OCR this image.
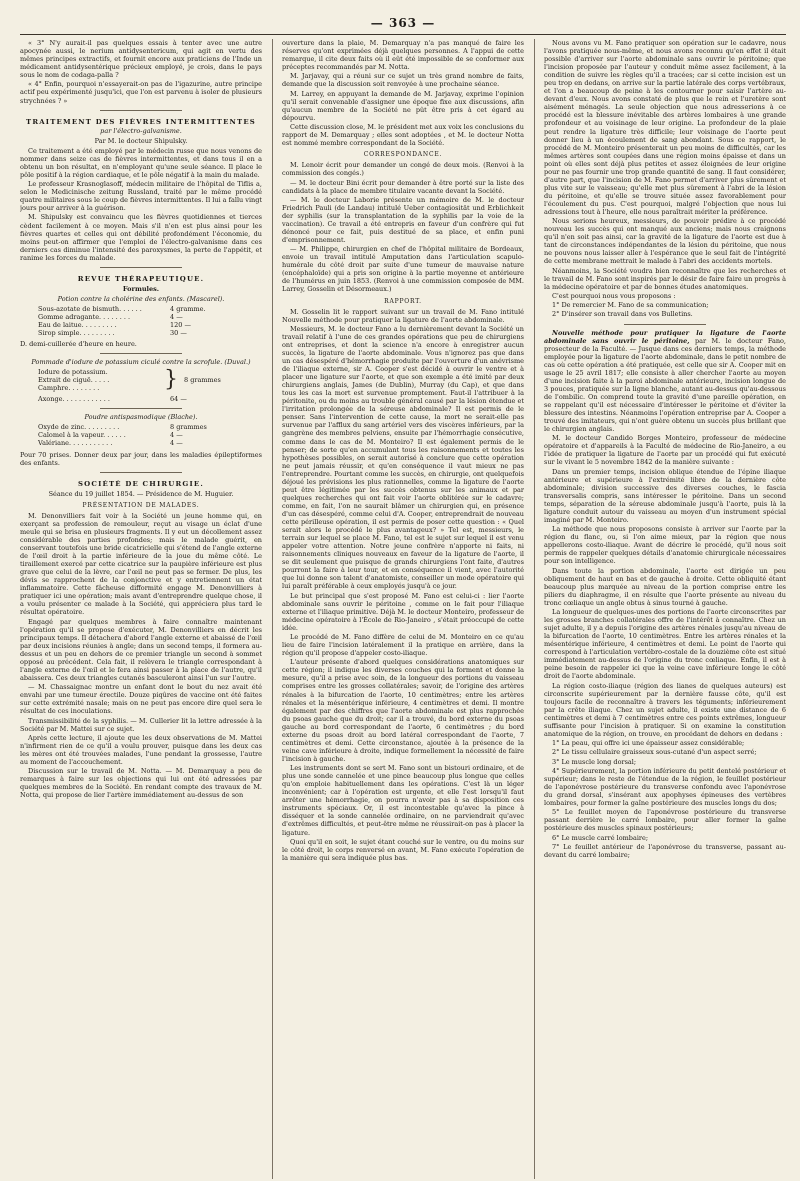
— 363 —

« 3° N'y aurait-il pas quelques essais à tenter avec une autre apocynée aussi, le nerium antidysentericum, qui agit en vertu des mêmes principes extractifs, et fournit encore aux praticiens de l'Inde un médicament antidysentérique précieux employé, je crois, dans le pays sous le nom de codaga-palla ?

« 4° Enfin, pourquoi n'essayerait-on pas de l'igazurine, autre principe actif peu expérimenté jusqu'ici, que l'on est parvenu à isoler de plusieurs strychnées ? »

TRAITEMENT DES FIÈVRES INTERMITTENTES

par l'électro-galvanisme.

Par M. le docteur Shipulsky.

Ce traitement a été employé par le médecin russe que nous venons de nommer dans seize cas de fièvres intermittentes, et dans tous il en a obtenu un bon résultat, en n'employant qu'une seule séance. Il place le pôle positif à la région cardiaque, et le pôle négatif à la main du malade.

Le professeur Krasnoglasoff, médecin militaire de l'hôpital de Tiflis a, selon le Medicinische zeitung Russland, traité par le même procédé quatre militaires sous le coup de fièvres intermittentes. Il lui a fallu vingt jours pour arriver à la guérison.

M. Shipulsky est convaincu que les fièvres quotidiennes et tierces cèdent facilement à ce moyen. Mais s'il n'en est plus ainsi pour les fièvres quartes et celles qui ont débilité profondément l'économie, du moins peut-on affirmer que l'emploi de l'électro-galvanisme dans ces derniers cas diminue l'intensité des paroxysmes, la perte de l'appétit, et ranime les forces du malade.

REVUE THÉRAPEUTIQUE.

Formules.

Potion contre la cholérine des enfants. (Mascarel).

Sous-azotate de bismuth. . . . . .	4 gramme.
Gomme adragante. . . . . . . .	4 —
Eau de laitue. . . . . . . . .	120 —
Sirop simple. . . . . . . . .	30 —

D. demi-cuillerée d'heure en heure.

Pommade d'iodure de potassium ciculé contre la scrofule. (Duval.)

Iodure de potassium.
Extrait de ciguë. . . . .
Camphre. . . . . . . .	} 8 grammes
Axonge. . . . . . . . . . . .	64 —

Poudre antispasmodique (Blache).

Oxyde de zinc. . . . . . . . .	8 grammes
Calomel à la vapeur. . . . . .	4 —
Valériane. . . . . . . . . . .	4 —

Pour 70 prises. Donner deux par jour, dans les maladies épileptiformes des enfants.

SOCIÉTÉ DE CHIRURGIE.

Séance du 19 juillet 1854. — Présidence de M. Huguier.

PRÉSENTATION DE MALADES.

M. Denonvilliers fait voir à la Société un jeune homme qui, en exerçant sa profession de remouleur, reçut au visage un éclat d'une meule qui se brisa en plusieurs fragments. Il y eut un décollement assez considérable des parties profondes; mais le malade guérit, en conservant toutefois une bride cicatricielle qui s'étend de l'angle externe de l'œil droit à la partie inférieure de la joue du même côté. Le tiraillement exercé par cette cicatrice sur la paupière inférieure est plus grave que celui de la lèvre, car l'œil ne peut pas se fermer. De plus, les dévis se rapprochent de la conjonctive et y entretiennent un état inflammatoire. Cette fâcheuse difformité engage M. Denonvilliers à pratiquer ici une opération; mais avant d'entreprendre quelque chose, il a voulu présenter ce malade à la Société, qui appréciera plus tard le résultat opératoire.

Engagé par quelques membres à faire connaître maintenant l'opération qu'il se propose d'exécuter, M. Denonvilliers en décrit les principaux temps. Il détachera d'abord l'angle externe et abaissé de l'œil par deux incisions réunies à angle; dans un second temps, il formera au-dessus et un peu en dehors de ce premier triangle un second à sommet opposé au précédent. Cela fait, il relèvera le triangle correspondant à l'angle externe de l'œil et le fera ainsi passer à la place de l'autre, qu'il abaissera. Ces deux triangles cutanés basculeront ainsi l'un sur l'autre.

— M. Chassaignac montre un enfant dont le bout du nez avait été envahi par une tumeur érectile. Douze piqûres de vaccine ont été faites sur cette extrémité nasale; mais on ne peut pas encore dire quel sera le résultat de ces inoculations.

Transmissibilité de la syphilis. — M. Cullerier lit la lettre adressée à la Société par M. Mattei sur ce sujet.

Après cette lecture, il ajoute que les deux observations de M. Mattei n'infirment rien de ce qu'il a voulu prouver, puisque dans les deux cas les mères ont été trouvées malades, l'une pendant la grossesse, l'autre au moment de l'accouchement.

Discussion sur le travail de M. Notta. — M. Demarquay a peu de remarques à faire sur les objections qui lui ont été adressées par quelques membres de la Société. En rendant compte des travaux de M. Notta, qui propose de lier l'artère immédiatement au-dessus de son

ouverture dans la plaie, M. Demarquay n'a pas manqué de faire les réserves qu'ont exprimées déjà quelques personnes. A l'appui de cette remarque, il cite deux faits où il eût été impossible de se conformer aux préceptes recommandés par M. Notta.

M. Jarjavay, qui a réuni sur ce sujet un très grand nombre de faits, demande que la discussion soit renvoyée à une prochaine séance.

M. Larrey, en appuyant la demande de M. Jarjavay, exprime l'opinion qu'il serait convenable d'assigner une époque fixe aux discussions, afin qu'aucun membre de la Société ne pût être pris à cet égard au dépourvu.

Cette discussion close, M. le président met aux voix les conclusions du rapport de M. Demarquay ; elles sont adoptées , et M. le docteur Notta est nommé membre correspondant de la Société.

CORRESPONDANCE.

M. Lenoir écrit pour demander un congé de deux mois. (Renvoi à la commission des congés.)

— M. le docteur Bini écrit pour demander à être porté sur la liste des candidats à la place de membre titulaire vacante devant la Société.

— M. le docteur Laborie présente un mémoire de M. le docteur Friedrich Pauli (de Landau) intitulé Ueber contagiosität und Erblichkeit der syphilis (sur la transplantation de la syphilis par la voie de la vaccination). Ce travail a été entrepris en faveur d'un confrère qui fut dénoncé pour ce fait, puis destitué de sa place, et enfin puni d'emprisonnement.

— M. Philippe, chirurgien en chef de l'hôpital militaire de Bordeaux, envoie un travail intitulé Amputation dans l'articulation scapulo-humérale du côté droit par suite d'une tumeur de mauvaise nature (encéphaloïde) qui a pris son origine à la partie moyenne et antérieure de l'humérus en juin 1853. (Renvoi à une commission composée de MM. Larrey, Gosselin et Désormeaux.)

RAPPORT.

M. Gosselin lit le rapport suivant sur un travail de M. Fano intitulé Nouvelle méthode pour pratiquer la ligature de l'aorte abdominale.

Messieurs, M. le docteur Fano a lu dernièrement devant la Société un travail relatif à l'une de ces grandes opérations que peu de chirurgiens ont entreprises, et dont la science n'a encore à enregistrer aucun succès, la ligature de l'aorte abdominale. Vous n'ignorez pas que dans un cas désespéré d'hémorrhagie produite par l'ouverture d'un anévrisme de l'iliaque externe, sir A. Cooper s'est décidé à ouvrir le ventre et à placer une ligature sur l'aorte, et que son exemple a été imité par deux chirurgiens anglais, James (de Dublin), Murray (du Cap), et que dans tous les cas la mort est survenue promptement. Faut-il l'attribuer à la péritonite, ou du moins au trouble général causé par la lésion étendue et l'irritation prolongée de la séreuse abdominale? Il est permis de le penser. Sans l'intervention de cette cause, la mort ne serait-elle pas survenue par l'afflux du sang artériel vers des viscères inférieurs, par la gangrène des membres pelviens, ensuite par l'hémorrhagie consécutive, comme dans le cas de M. Monteiro? Il est également permis de le penser; de sorte qu'en accumulant tous les raisonnements et toutes les hypothèses possibles, on serait autorisé à conclure que cette opération ne peut jamais réussir, et qu'en conséquence il vaut mieux ne pas l'entreprendre. Pourtant comme les succès, en chirurgie, ont quelquefois déjoué les prévisions les plus rationnelles, comme la ligature de l'aorte peut être légitimée par les succès obtenus sur les animaux et par quelques recherches qui ont fait voir l'aorte oblitérée sur le cadavre; comme, en fait, l'on ne saurait blâmer un chirurgien qui, en présence d'un cas désespéré, comme celui d'A. Cooper, entreprendrait de nouveau cette périlleuse opération, il est permis de poser cette question : « Quel serait alors le procédé le plus avantageux? » Tel est, messieurs, le terrain sur lequel se place M. Fano, tel est le sujet sur lequel il est venu appeler votre attention. Notre jeune confrère n'apporte ni faits, ni raisonnements cliniques nouveaux en faveur de la ligature de l'aorte, il se dit seulement que puisque de grands chirurgiens l'ont faite, d'autres pourront la faire à leur tour, et en conséquence il vient, avec l'autorité que lui donne son talent d'anatomiste, conseiller un mode opératoire qui lui paraît préférable à ceux employés jusqu'à ce jour.

Le but principal que s'est proposé M. Fano est celui-ci : lier l'aorte abdominale sans ouvrir le péritoine , comme on le fait pour l'iliaque externe et l'iliaque primitive. Déjà M. le docteur Monteiro, professeur de médecine opératoire à l'École de Rio-Janeiro , s'était préoccupé de cette idée.

Le procédé de M. Fano diffère de celui de M. Monteiro en ce qu'au lieu de faire l'incision latéralement il la pratique en arrière, dans la région qu'il propose d'appeler costo-iliaque.

L'auteur présente d'abord quelques considérations anatomiques sur cette région; il indique les diverses couches qui la forment et donne la mesure, qu'il a prise avec soin, de la longueur des portions du vaisseau comprises entre les grosses collatérales; savoir, de l'origine des artères rénales à la bifurcation de l'aorte, 10 centimètres; entre les artères rénales et la mésentérique inférieure, 4 centimètres et demi. Il montre également par des chiffres que l'aorte abdominale est plus rapprochée du psoas gauche que du droit; car il a trouvé, du bord externe du psoas gauche au bord correspondant de l'aorte, 6 centimètres ; du bord externe du psoas droit au bord latéral correspondant de l'aorte, 7 centimètres et demi. Cette circonstance, ajoutée à la présence de la veine cave inférieure à droite, indique formellement la nécessité de faire l'incision à gauche.

Les instruments dont se sert M. Fano sont un bistouri ordinaire, et de plus une sonde cannelée et une pince beaucoup plus longue que celles qu'on emploie habituellement dans les opérations. C'est là un léger inconvénient; car à l'opération est urgente, et elle l'est lorsqu'il faut arrêter une hémorrhagie, on pourra n'avoir pas à sa disposition ces instruments spéciaux. Or, il est incontestable qu'avec la pince à disséquer et la sonde cannelée ordinaire, on ne parviendrait qu'avec d'extrêmes difficultés, et peut-être même ne réussirait-on pas à placer la ligature.

Quoi qu'il en soit, le sujet étant couché sur le ventre, ou du moins sur le côté droit, le corps renversé en avant, M. Fano exécute l'opération de la manière qui sera indiquée plus bas.

Nous avons vu M. Fano pratiquer son opération sur le cadavre, nous l'avons pratiquée nous-même, et nous avons reconnu qu'en effet il était possible d'arriver sur l'aorte abdominale sans ouvrir le péritoine; que l'incision proposée par l'auteur y conduit même assez facilement, à la condition de suivre les règles qu'il a tracées; car si cette incision est un peu trop en dedans, on arrive sur la partie latérale des corps vertébraux, et l'on a beaucoup de peine à les contourner pour saisir l'artère au-devant d'eux. Nous avons constaté de plus que le rein et l'uretère sont aisément ménagés. La seule objection que nous adresserions à ce procédé est la blessure inévitable des artères lombaires à une grande profondeur et au voisinage de leur origine. La profondeur de la plaie peut rendre la ligature très difficile; leur voisinage de l'aorte peut donner lieu à un écoulement de sang abondant. Sous ce rapport, le procédé de M. Monteiro présenterait un peu moins de difficultés, car les mêmes artères sont coupées dans une région moins épaisse et dans un point où elles sont déjà plus petites et assez éloignées de leur origine pour ne pas fournir une trop grande quantité de sang. Il faut considérer, d'autre part, que l'incision de M. Fano permet d'arriver plus sûrement et plus vite sur le vaisseau; qu'elle met plus sûrement à l'abri de la lésion du péritoine, et qu'elle se trouve située assez favorablement pour l'écoulement du pus. C'est pourquoi, malgré l'objection que nous lui adressions tout à l'heure, elle nous paraîtrait mériter la préférence.

Nous serions heureux, messieurs, de pouvoir prédire à ce procédé nouveau les succès qui ont manqué aux anciens; mais nous craignons qu'il n'en soit pas ainsi, car la gravité de la ligature de l'aorte est due à tant de circonstances indépendantes de la lésion du péritoine, que nous ne pouvons nous laisser aller à l'espérance que le seul fait de l'intégrité de cette membrane mettrait le malade à l'abri des accidents mortels.

Néanmoins, la Société voudra bien reconnaître que les recherches et le travail de M. Fano sont inspirés par le désir de faire faire un progrès à la médecine opératoire et par de bonnes études anatomiques.

C'est pourquoi nous vous proposons :

1° De remercier M. Fano de sa communication;

2° D'insérer son travail dans vos Bulletins.

Nouvelle méthode pour pratiquer la ligature de l'aorte abdominale sans ouvrir le péritoine, par M. le docteur Fano, prosecteur de la Faculté. — Jusque dans ces derniers temps, la méthode employée pour la ligature de l'aorte abdominale, dans le petit nombre de cas où cette opération a été pratiquée, est celle que sir A. Cooper mit en usage le 25 avril 1817; elle consiste à aller chercher l'aorte au moyen d'une incision faite à la paroi abdominale antérieure, incision longue de 3 pouces, pratiquée sur la ligne blanche, autant au-dessus qu'au-dessous de l'ombilic. On comprend toute la gravité d'une pareille opération, en se rappelant qu'il est nécessaire d'intéresser le péritoine et d'éviter la blessure des intestins. Néanmoins l'opération entreprise par A. Cooper a trouvé des imitateurs, qui n'ont guère obtenu un succès plus brillant que le chirurgien anglais.

M. le docteur Candido Borges Monteiro, professeur de médecine opératoire et d'appareils à la Faculté de médecine de Rio-Janeiro, a eu l'idée de pratiquer la ligature de l'aorte par un procédé qui fut exécuté sur le vivant le 5 novembre 1842 de la manière suivante :

Dans un premier temps, incision oblique étendue de l'épine iliaque antérieure et supérieure à l'extrémité libre de la dernière côte abdominale; division successive des diverses couches, le fascia transversalis compris, sans intéresser le péritoine. Dans un second temps, séparation de la séreuse abdominale jusqu'à l'aorte, puis là la ligature conduit autour du vaisseau au moyen d'un instrument spécial imaginé par M. Monteiro.

La méthode que nous proposons consiste à arriver sur l'aorte par la région du flanc, ou, si l'on aime mieux, par la région que nous appellerons costo-iliaque. Avant de décrire le procédé, qu'il nous soit permis de rappeler quelques détails d'anatomie chirurgicale nécessaires pour son intelligence.

Dans toute la portion abdominale, l'aorte est dirigée un peu obliquement de haut en bas et de gauche à droite. Cette obliquité étant beaucoup plus marquée au niveau de la portion comprise entre les piliers du diaphragme, il en résulte que l'aorte présente au niveau du tronc cœliaque un angle obtus à sinus tourné à gauche.

La longueur de quelques-unes des portions de l'aorte circonscrites par les grosses branches collatérales offre de l'intérêt à connaître. Chez un sujet adulte, il y a depuis l'origine des artères rénales jusqu'au niveau de la bifurcation de l'aorte, 10 centimètres. Entre les artères rénales et la mésentérique inférieure, 4 centimètres et demi. Le point de l'aorte qui correspond à l'articulation vertébro-costale de la douzième côte est situé immédiatement au-dessus de l'origine du tronc cœliaque. Enfin, il est à peine besoin de rappeler ici que la veine cave inférieure longe le côté droit de l'aorte abdominale.

La région costo-iliaque (région des lianes de quelques auteurs) est circonscrite supérieurement par la dernière fausse côte, qu'il est toujours facile de reconnaître à travers les téguments; inférieurement par la crête iliaque. Chez un sujet adulte, il existe une distance de 6 centimètres et demi à 7 centimètres entre ces points extrêmes, longueur suffisante pour l'incision à pratiquer. Si on examine la constitution anatomique de la région, on trouve, en procédant de dehors en dedans :

1° La peau, qui offre ici une épaisseur assez considérable;

2° Le tissu cellulaire graisseux sous-cutané d'un aspect serré;

3° Le muscle long dorsal;

4° Supérieurement, la portion inférieure du petit dentelé postérieur et supérieur; dans le reste de l'étendue de la région, le feuillet postérieur de l'aponévrose postérieure du transverse confondu avec l'aponévrose du grand dorsal, s'insérant aux apophyses épineuses des vertèbres lombaires, pour former la gaîne postérieure des muscles longs du dos;

5° Le feuillet moyen de l'aponévrose postérieure du transverse passant derrière le carré lombaire, pour aller former la gaîne postérieure des muscles spinaux postérieurs;

6° Le muscle carré lombaire;

7° Le feuillet antérieur de l'aponévrose du transverse, passant au-devant du carré lombaire;
